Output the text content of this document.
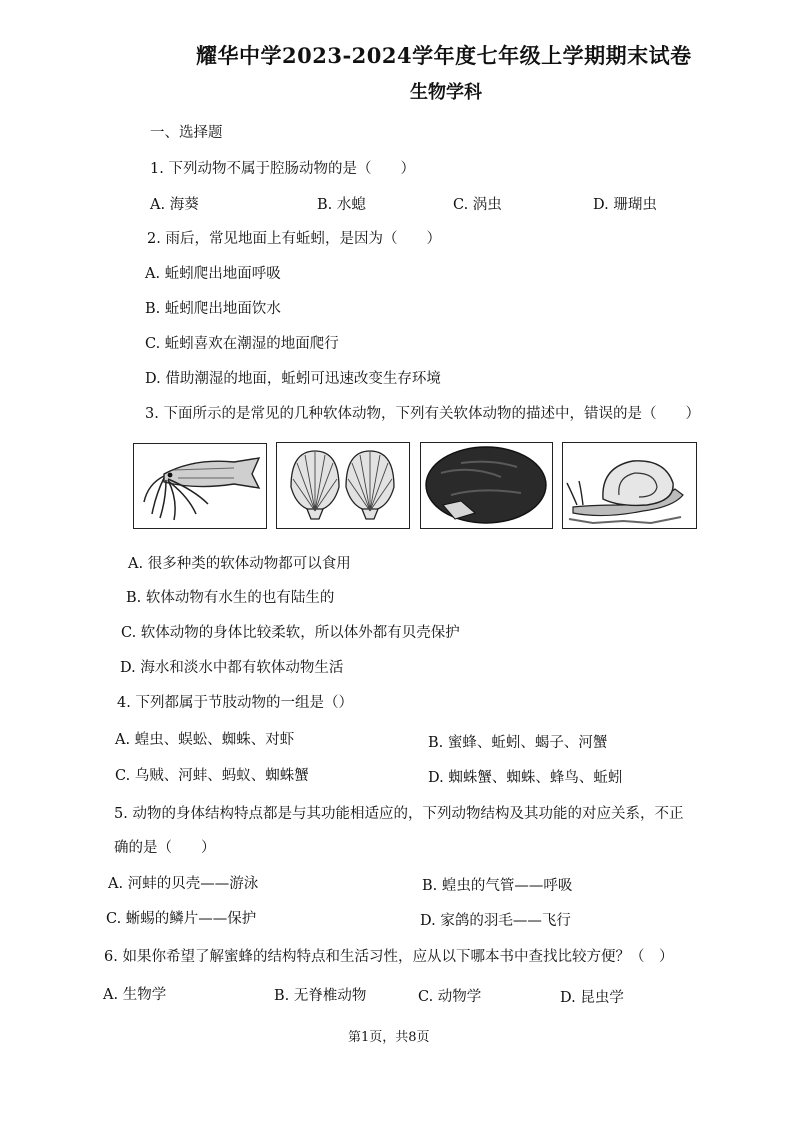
耀华中学2023-2024学年度七年级上学期期末试卷
生物学科
一、选择题
1. 下列动物不属于腔肠动物的是（　　）
A. 海葵	B. 水螅	C. 涡虫	D. 珊瑚虫
2. 雨后，常见地面上有蚯蚓，是因为（　　）
A. 蚯蚓爬出地面呼吸
B. 蚯蚓爬出地面饮水
C. 蚯蚓喜欢在潮湿的地面爬行
D. 借助潮湿的地面，蚯蚓可迅速改变生存环境
3. 下面所示的是常见的几种软体动物，下列有关软体动物的描述中，错误的是（　　）
A. 很多种类的软体动物都可以食用
B. 软体动物有水生的也有陆生的
C. 软体动物的身体比较柔软，所以体外都有贝壳保护
D. 海水和淡水中都有软体动物生活
4. 下列都属于节肢动物的一组是（）
A. 蝗虫、蜈蚣、蜘蛛、对虾	B. 蜜蜂、蚯蚓、蝎子、河蟹
C. 乌贼、河蚌、蚂蚁、蜘蛛蟹	D. 蜘蛛蟹、蜘蛛、蜂鸟、蚯蚓
5. 动物的身体结构特点都是与其功能相适应的，下列动物结构及其功能的对应关系，不正
确的是（　　）
A. 河蚌的贝壳——游泳	B. 蝗虫的气管——呼吸
C. 蜥蜴的鳞片——保护	D. 家鸽的羽毛——飞行
6. 如果你希望了解蜜蜂的结构特点和生活习性，应从以下哪本书中查找比较方便？（　）
A. 生物学	B. 无脊椎动物	C. 动物学	D. 昆虫学
第1页，共8页
